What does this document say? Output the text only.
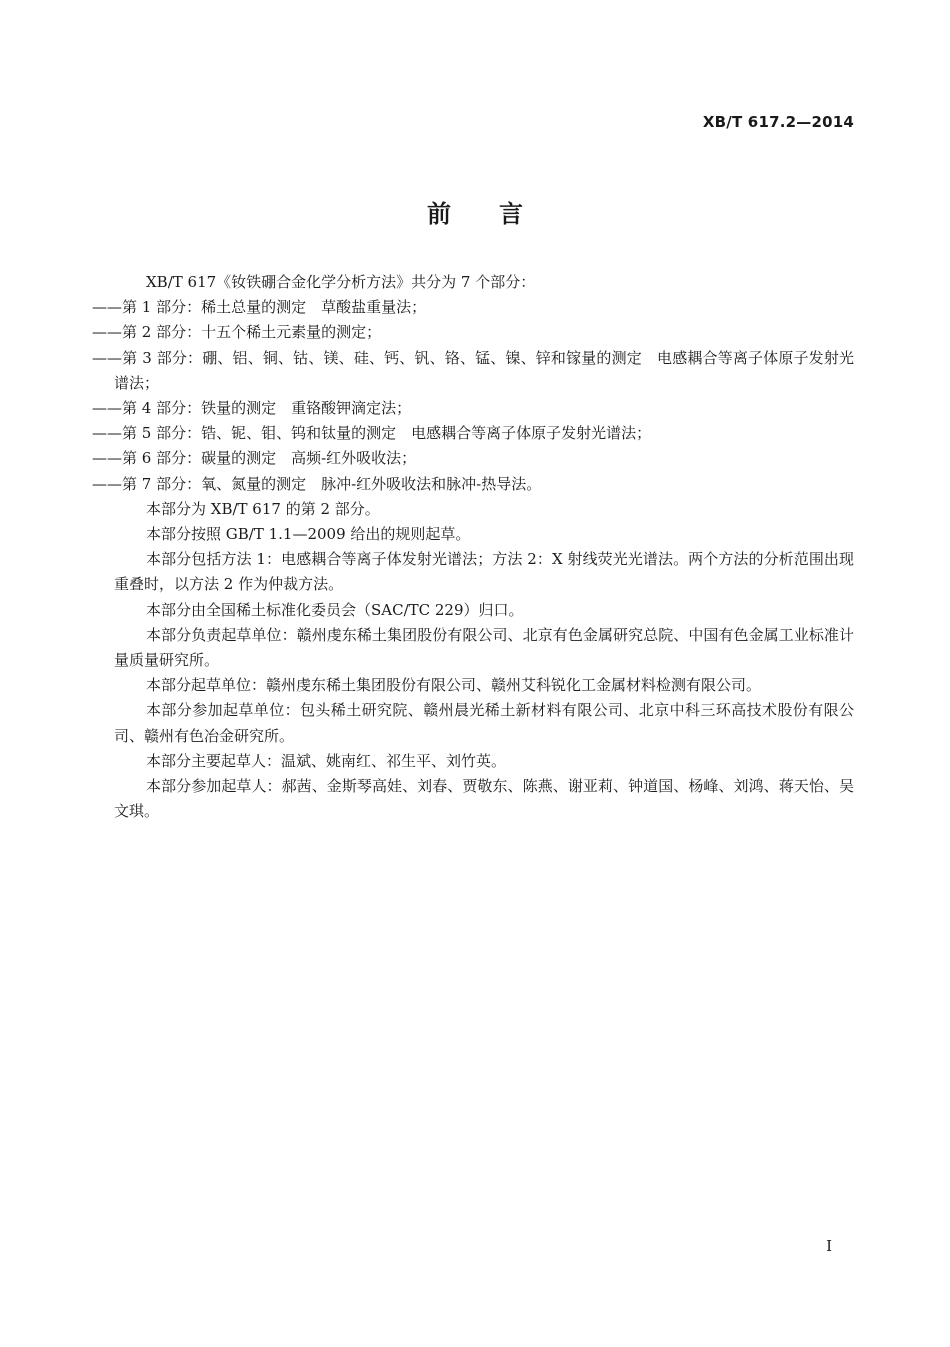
XB/T 617.2—2014
前言

XB/T 617《钕铁硼合金化学分析方法》共分为 7 个部分：

——第 1 部分：稀土总量的测定　草酸盐重量法；

——第 2 部分：十五个稀土元素量的测定；

——第 3 部分：硼、铝、铜、钴、镁、硅、钙、钒、铬、锰、镍、锌和镓量的测定　电感耦合等离子体原子发射光谱法；

——第 4 部分：铁量的测定　重铬酸钾滴定法；

——第 5 部分：锆、铌、钼、钨和钛量的测定　电感耦合等离子体原子发射光谱法；

——第 6 部分：碳量的测定　高频-红外吸收法；

——第 7 部分：氧、氮量的测定　脉冲-红外吸收法和脉冲-热导法。

本部分为 XB/T 617 的第 2 部分。

本部分按照 GB/T 1.1—2009 给出的规则起草。

本部分包括方法 1：电感耦合等离子体发射光谱法；方法 2：X 射线荧光光谱法。两个方法的分析范围出现重叠时，以方法 2 作为仲裁方法。

本部分由全国稀土标准化委员会（SAC/TC 229）归口。

本部分负责起草单位：赣州虔东稀土集团股份有限公司、北京有色金属研究总院、中国有色金属工业标准计量质量研究所。

本部分起草单位：赣州虔东稀土集团股份有限公司、赣州艾科锐化工金属材料检测有限公司。

本部分参加起草单位：包头稀土研究院、赣州晨光稀土新材料有限公司、北京中科三环高技术股份有限公司、赣州有色冶金研究所。

本部分主要起草人：温斌、姚南红、祁生平、刘竹英。

本部分参加起草人：郝茜、金斯琴高娃、刘春、贾敬东、陈燕、谢亚莉、钟道国、杨峰、刘鸿、蒋天怡、吴文琪。

I
